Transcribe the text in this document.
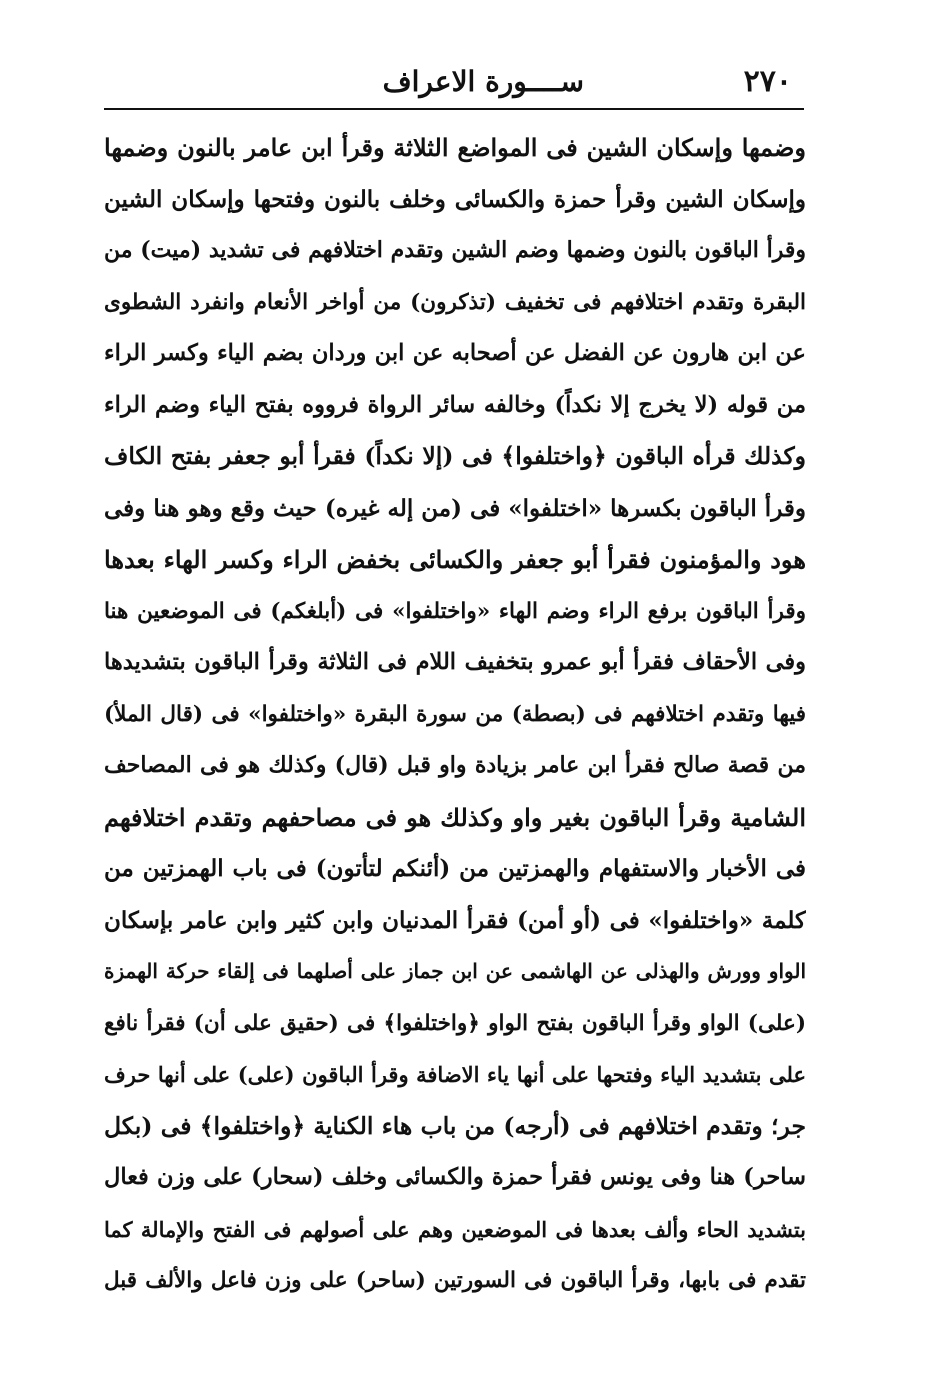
٢٧٠
ســــورة الاعراف
وضمها وإسكان الشين فى المواضع الثلاثة وقرأ ابن عامر بالنون وضمها
وإسكان الشين وقرأ حمزة والكسائى وخلف بالنون وفتحها وإسكان الشين
وقرأ الباقون بالنون وضمها وضم الشين وتقدم اختلافهم فى تشديد (ميت) من
البقرة وتقدم اختلافهم فى تخفيف (تذكرون) من أواخر الأنعام وانفرد الشطوى
عن ابن هارون عن الفضل عن أصحابه عن ابن وردان بضم الياء وكسر الراء
من قوله (لا يخرج إلا نكداً) وخالفه سائر الرواة فرووه بفتح الياء وضم الراء
وكذلك قرأه الباقون ﴿واختلفوا﴾ فى (إلا نكداً) فقرأ أبو جعفر بفتح الكاف
وقرأ الباقون بكسرها «اختلفوا» فى (من إله غيره) حيث وقع وهو هنا وفى
هود والمؤمنون فقرأ أبو جعفر والكسائى بخفض الراء وكسر الهاء بعدها
وقرأ الباقون برفع الراء وضم الهاء «واختلفوا» فى (أبلغكم) فى الموضعين هنا
وفى الأحقاف فقرأ أبو عمرو بتخفيف اللام فى الثلاثة وقرأ الباقون بتشديدها
فيها وتقدم اختلافهم فى (بصطة) من سورة البقرة «واختلفوا» فى (قال الملأ)
من قصة صالح فقرأ ابن عامر بزيادة واو قبل (قال) وكذلك هو فى المصاحف
الشامية وقرأ الباقون بغير واو وكذلك هو فى مصاحفهم وتقدم اختلافهم
فى الأخبار والاستفهام والهمزتين من (أئنكم لتأتون) فى باب الهمزتين من
كلمة «واختلفوا» فى (أو أمن) فقرأ المدنيان وابن كثير وابن عامر بإسكان
الواو وورش والهذلى عن الهاشمى عن ابن جماز على أصلهما فى إلقاء حركة الهمزة
(على) الواو وقرأ الباقون بفتح الواو ﴿واختلفوا﴾ فى (حقيق على أن) فقرأ نافع
على بتشديد الياء وفتحها على أنها ياء الاضافة وقرأ الباقون (على) على أنها حرف
جر؛ وتقدم اختلافهم فى (أرجه) من باب هاء الكناية ﴿واختلفوا﴾ فى (بكل
ساحر) هنا وفى يونس فقرأ حمزة والكسائى وخلف (سحار) على وزن فعال
بتشديد الحاء وألف بعدها فى الموضعين وهم على أصولهم فى الفتح والإمالة كما
تقدم فى بابها، وقرأ الباقون فى السورتين (ساحر) على وزن فاعل والألف قبل
